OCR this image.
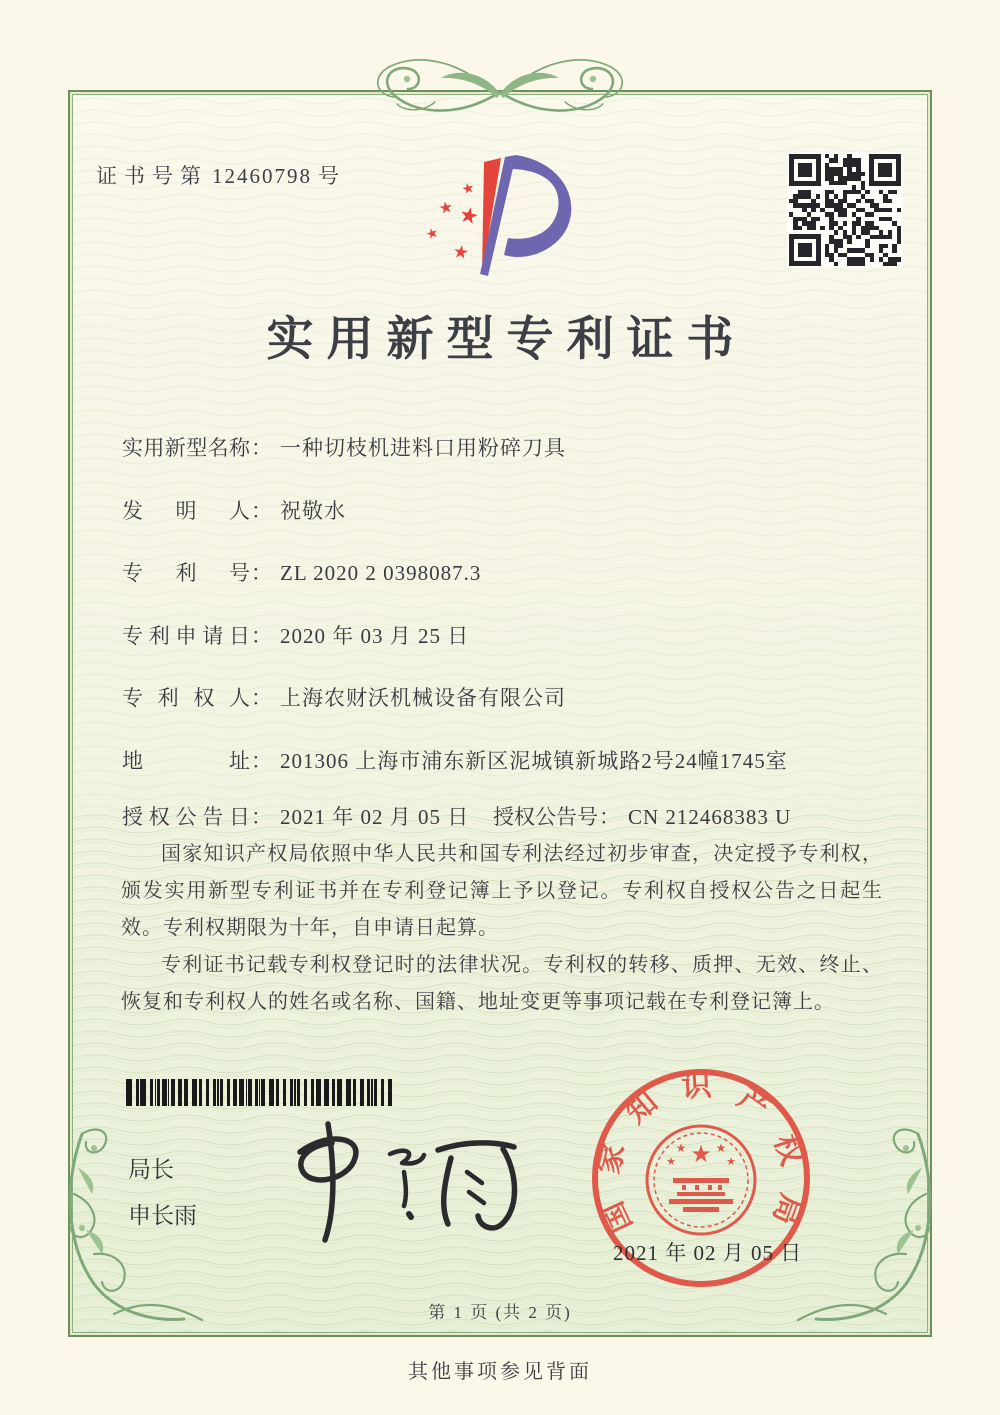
证书号第 12460798 号
★
★ ★
★
★
实用新型专利证书
实用新型名称： 一种切枝机进料口用粉碎刀具
发明人： 祝敬水
专利号： ZL 2020 2 0398087.3
专利申请日： 2020 年 03 月 25 日
专利权人： 上海农财沃机械设备有限公司
地址： 201306 上海市浦东新区泥城镇新城路2号24幢1745室
授权公告日： 2021 年 02 月 05 日 授权公告号： CN 212468383 U

国家知识产权局依照中华人民共和国专利法经过初步审查，决定授予专利权，颁发实用新型专利证书并在专利登记簿上予以登记。专利权自授权公告之日起生效。专利权期限为十年，自申请日起算。

专利证书记载专利权登记时的法律状况。专利权的转移、质押、无效、终止、恢复和专利权人的姓名或名称、国籍、地址变更等事项记载在专利登记簿上。

局长
申长雨	国
家
知 识 产
权
局
★
★ ★
★	★
2021 年 02 月 05 日
第 1 页 (共 2 页)
其他事项参见背面
